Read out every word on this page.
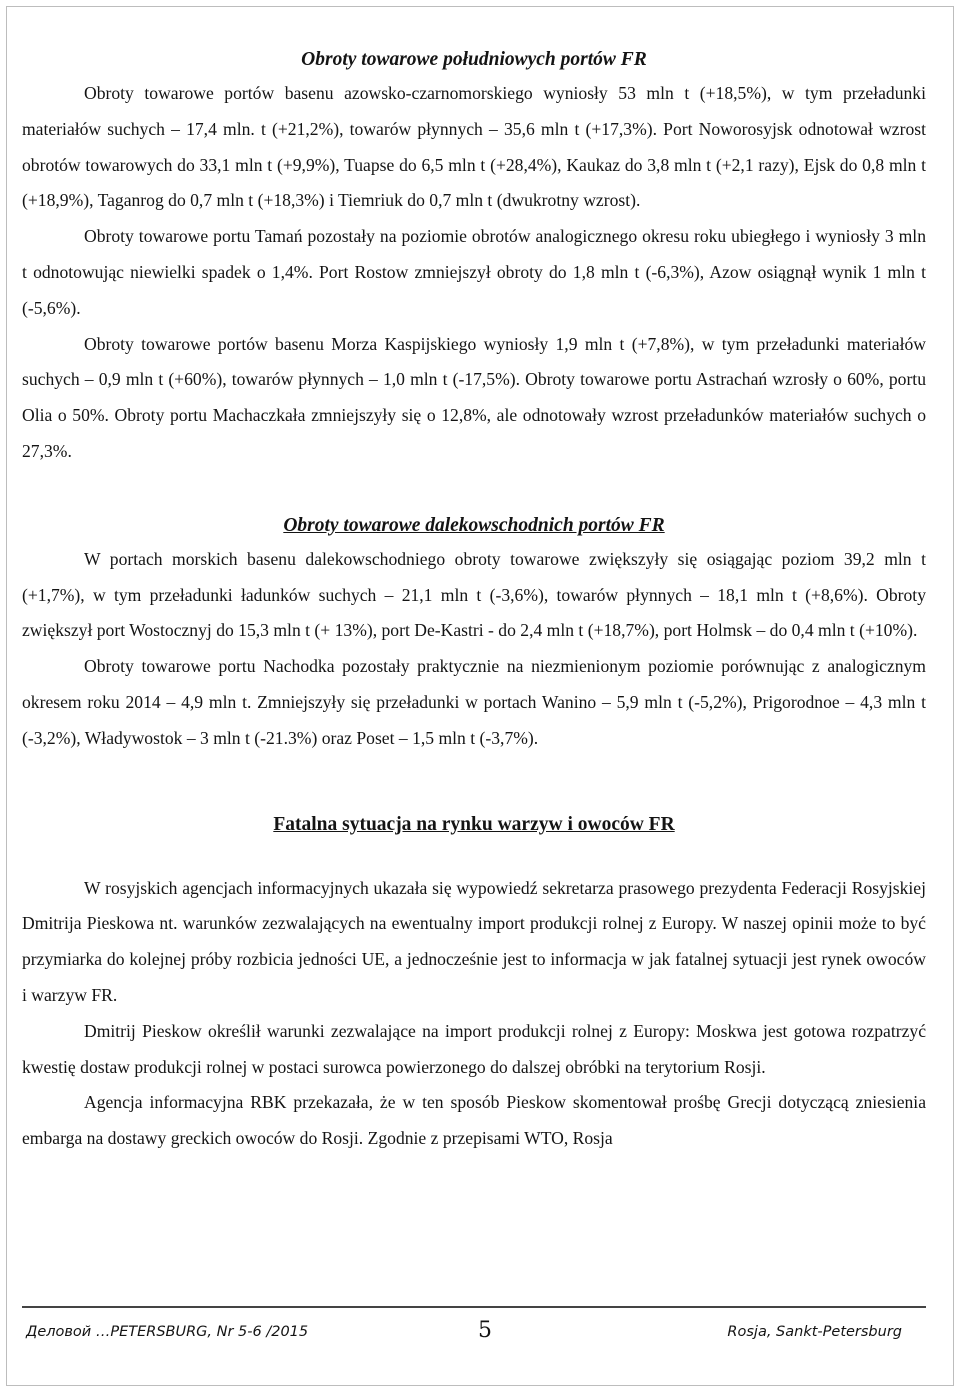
Obroty towarowe południowych portów FR

Obroty towarowe portów basenu azowsko-czarnomorskiego wyniosły 53 mln t (+18,5%), w tym przeładunki materiałów suchych – 17,4 mln. t (+21,2%), towarów płynnych – 35,6 mln t (+17,3%). Port Noworosyjsk odnotował wzrost obrotów towarowych do 33,1 mln t (+9,9%), Tuapse do 6,5 mln t (+28,4%), Kaukaz do 3,8 mln t (+2,1 razy), Ejsk do 0,8 mln t (+18,9%), Taganrog do 0,7 mln t (+18,3%) i Tiemriuk do 0,7 mln t (dwukrotny wzrost).

Obroty towarowe portu Tamań pozostały na poziomie obrotów analogicznego okresu roku ubiegłego i wyniosły 3 mln t odnotowując niewielki spadek o 1,4%. Port Rostow zmniejszył obroty do 1,8 mln t (-6,3%), Azow osiągnął wynik 1 mln t (-5,6%).

Obroty towarowe portów basenu Morza Kaspijskiego wyniosły 1,9 mln t (+7,8%), w tym przeładunki materiałów suchych – 0,9 mln t (+60%), towarów płynnych – 1,0 mln t (-17,5%). Obroty towarowe portu Astrachań wzrosły o 60%, portu Olia o 50%. Obroty portu Machaczkała zmniejszyły się o 12,8%, ale odnotowały wzrost przeładunków materiałów suchych o 27,3%.

Obroty towarowe dalekowschodnich portów FR

W portach morskich basenu dalekowschodniego obroty towarowe zwiększyły się osiągając poziom 39,2 mln t (+1,7%), w tym przeładunki ładunków suchych – 21,1 mln t (-3,6%), towarów płynnych – 18,1 mln t (+8,6%). Obroty zwiększył port Wostocznyj do 15,3 mln t (+ 13%), port De-Kastri - do 2,4 mln t (+18,7%), port Holmsk – do 0,4 mln t (+10%).

Obroty towarowe portu Nachodka pozostały praktycznie na niezmienionym poziomie porównując z analogicznym okresem roku 2014 – 4,9 mln t. Zmniejszyły się przeładunki w portach Wanino – 5,9 mln t (-5,2%), Prigorodnoe – 4,3 mln t (-3,2%), Władywostok – 3 mln t (-21.3%) oraz Poset – 1,5 mln t (-3,7%).

Fatalna sytuacja na rynku warzyw i owoców FR

W rosyjskich agencjach informacyjnych ukazała się wypowiedź sekretarza prasowego prezydenta Federacji Rosyjskiej Dmitrija Pieskowa nt. warunków zezwalających na ewentualny import produkcji rolnej z Europy. W naszej opinii może to być przymiarka do kolejnej próby rozbicia jedności UE, a jednocześnie jest to informacja w jak fatalnej sytuacji jest rynek owoców i warzyw FR.

Dmitrij Pieskow określił warunki zezwalające na import produkcji rolnej z Europy: Moskwa jest gotowa rozpatrzyć kwestię dostaw produkcji rolnej w postaci surowca powierzonego do dalszej obróbki na terytorium Rosji.

Agencja informacyjna RBK przekazała, że w ten sposób Pieskow skomentował prośbę Grecji dotyczącą zniesienia embarga na dostawy greckich owoców do Rosji. Zgodnie z przepisami WTO, Rosja

Деловой …PETERSBURG, Nr 5-6 /2015	5	Rosja, Sankt-Petersburg
